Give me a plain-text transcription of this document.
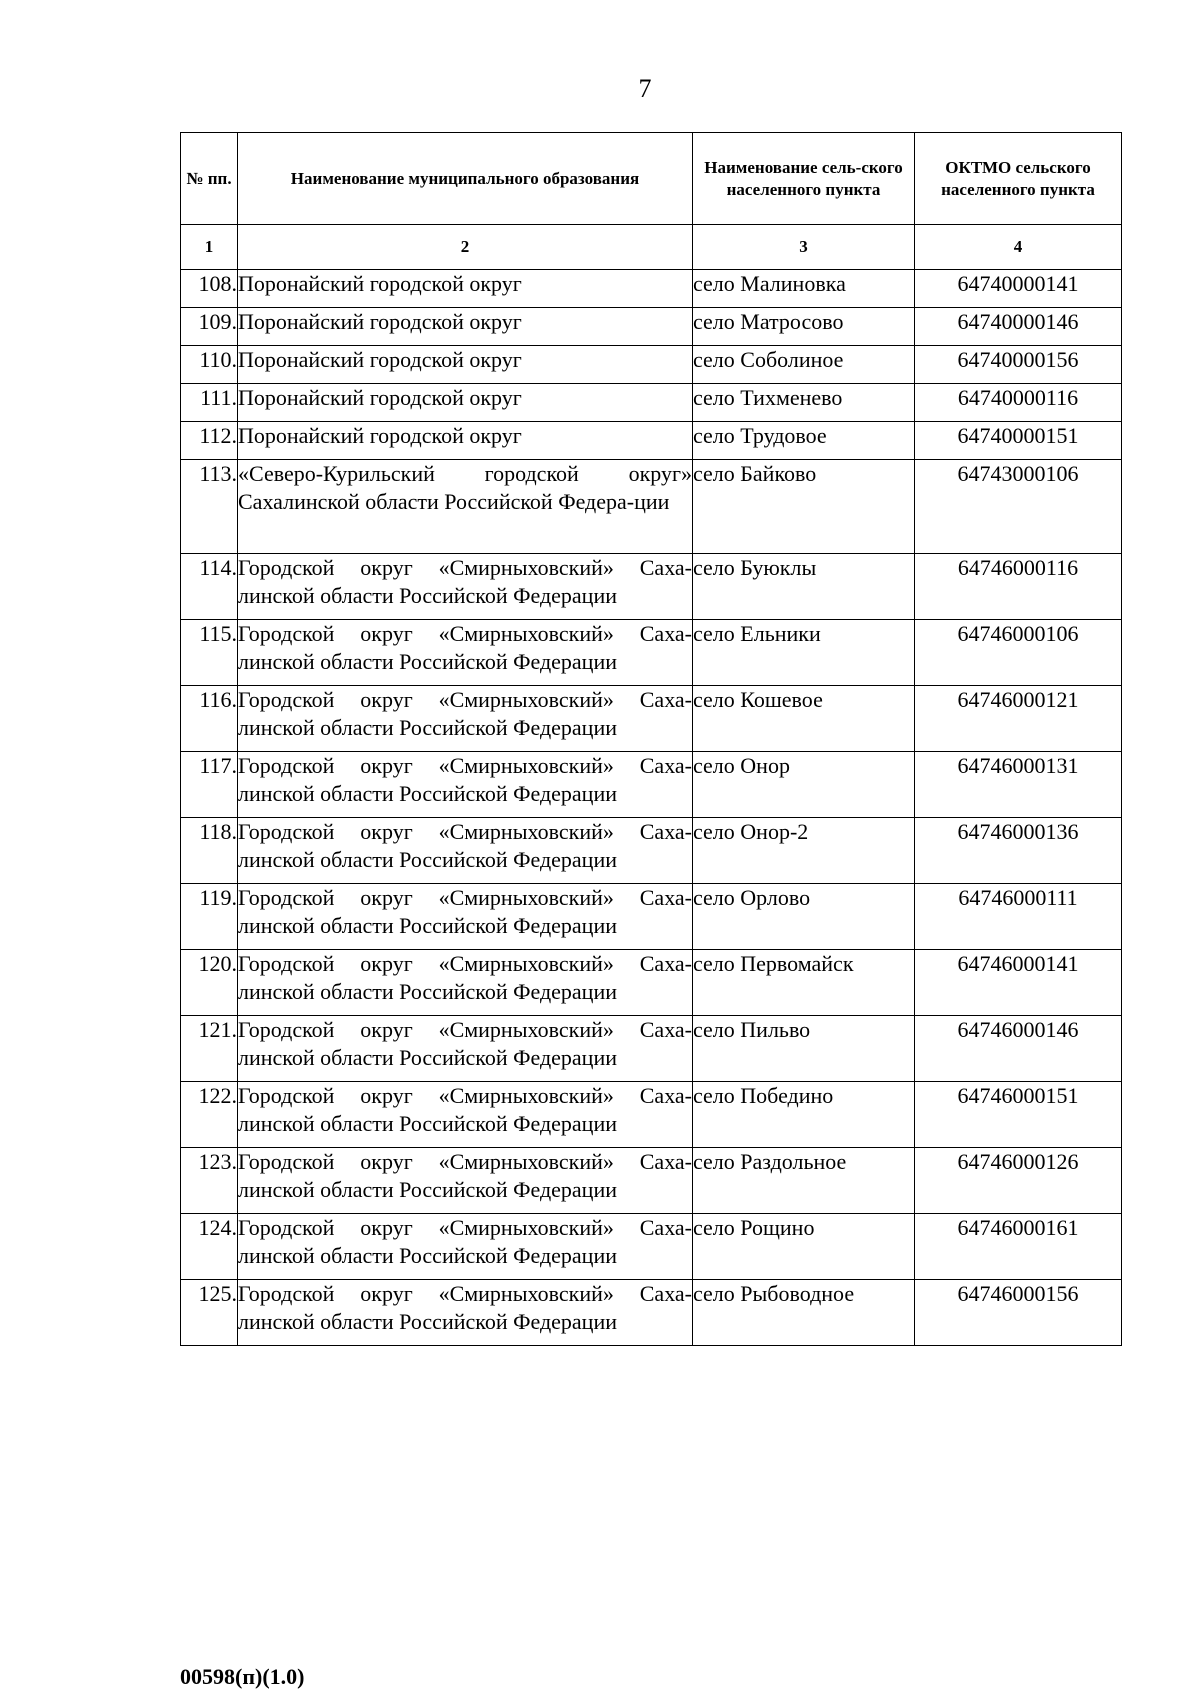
7
№ пп.	Наименование муниципального образования	Наименование сель-ского населенного пункта	ОКТМО сельского населенного пункта
1	2	3	4
108.	Поронайский городской округ	село Малиновка	64740000141
109.	Поронайский городской округ	село Матросово	64740000146
110.	Поронайский городской округ	село Соболиное	64740000156
111.	Поронайский городской округ	село Тихменево	64740000116
112.	Поронайский городской округ	село Трудовое	64740000151
113.	«Северо-Курильский городской округ» Сахалинской области Российской Федера-ции	село Байково	64743000106
114.	Городской округ «Смирныховский» Саха-линской области Российской Федерации	село Буюклы	64746000116
115.	Городской округ «Смирныховский» Саха-линской области Российской Федерации	село Ельники	64746000106
116.	Городской округ «Смирныховский» Саха-линской области Российской Федерации	село Кошевое	64746000121
117.	Городской округ «Смирныховский» Саха-линской области Российской Федерации	село Онор	64746000131
118.	Городской округ «Смирныховский» Саха-линской области Российской Федерации	село Онор-2	64746000136
119.	Городской округ «Смирныховский» Саха-линской области Российской Федерации	село Орлово	64746000111
120.	Городской округ «Смирныховский» Саха-линской области Российской Федерации	село Первомайск	64746000141
121.	Городской округ «Смирныховский» Саха-линской области Российской Федерации	село Пильво	64746000146
122.	Городской округ «Смирныховский» Саха-линской области Российской Федерации	село Побединo	64746000151
123.	Городской округ «Смирныховский» Саха-линской области Российской Федерации	село Раздольное	64746000126
124.	Городской округ «Смирныховский» Саха-линской области Российской Федерации	село Рощино	64746000161
125.	Городской округ «Смирныховский» Саха-линской области Российской Федерации	село Рыбоводное	64746000156
00598(п)(1.0)
